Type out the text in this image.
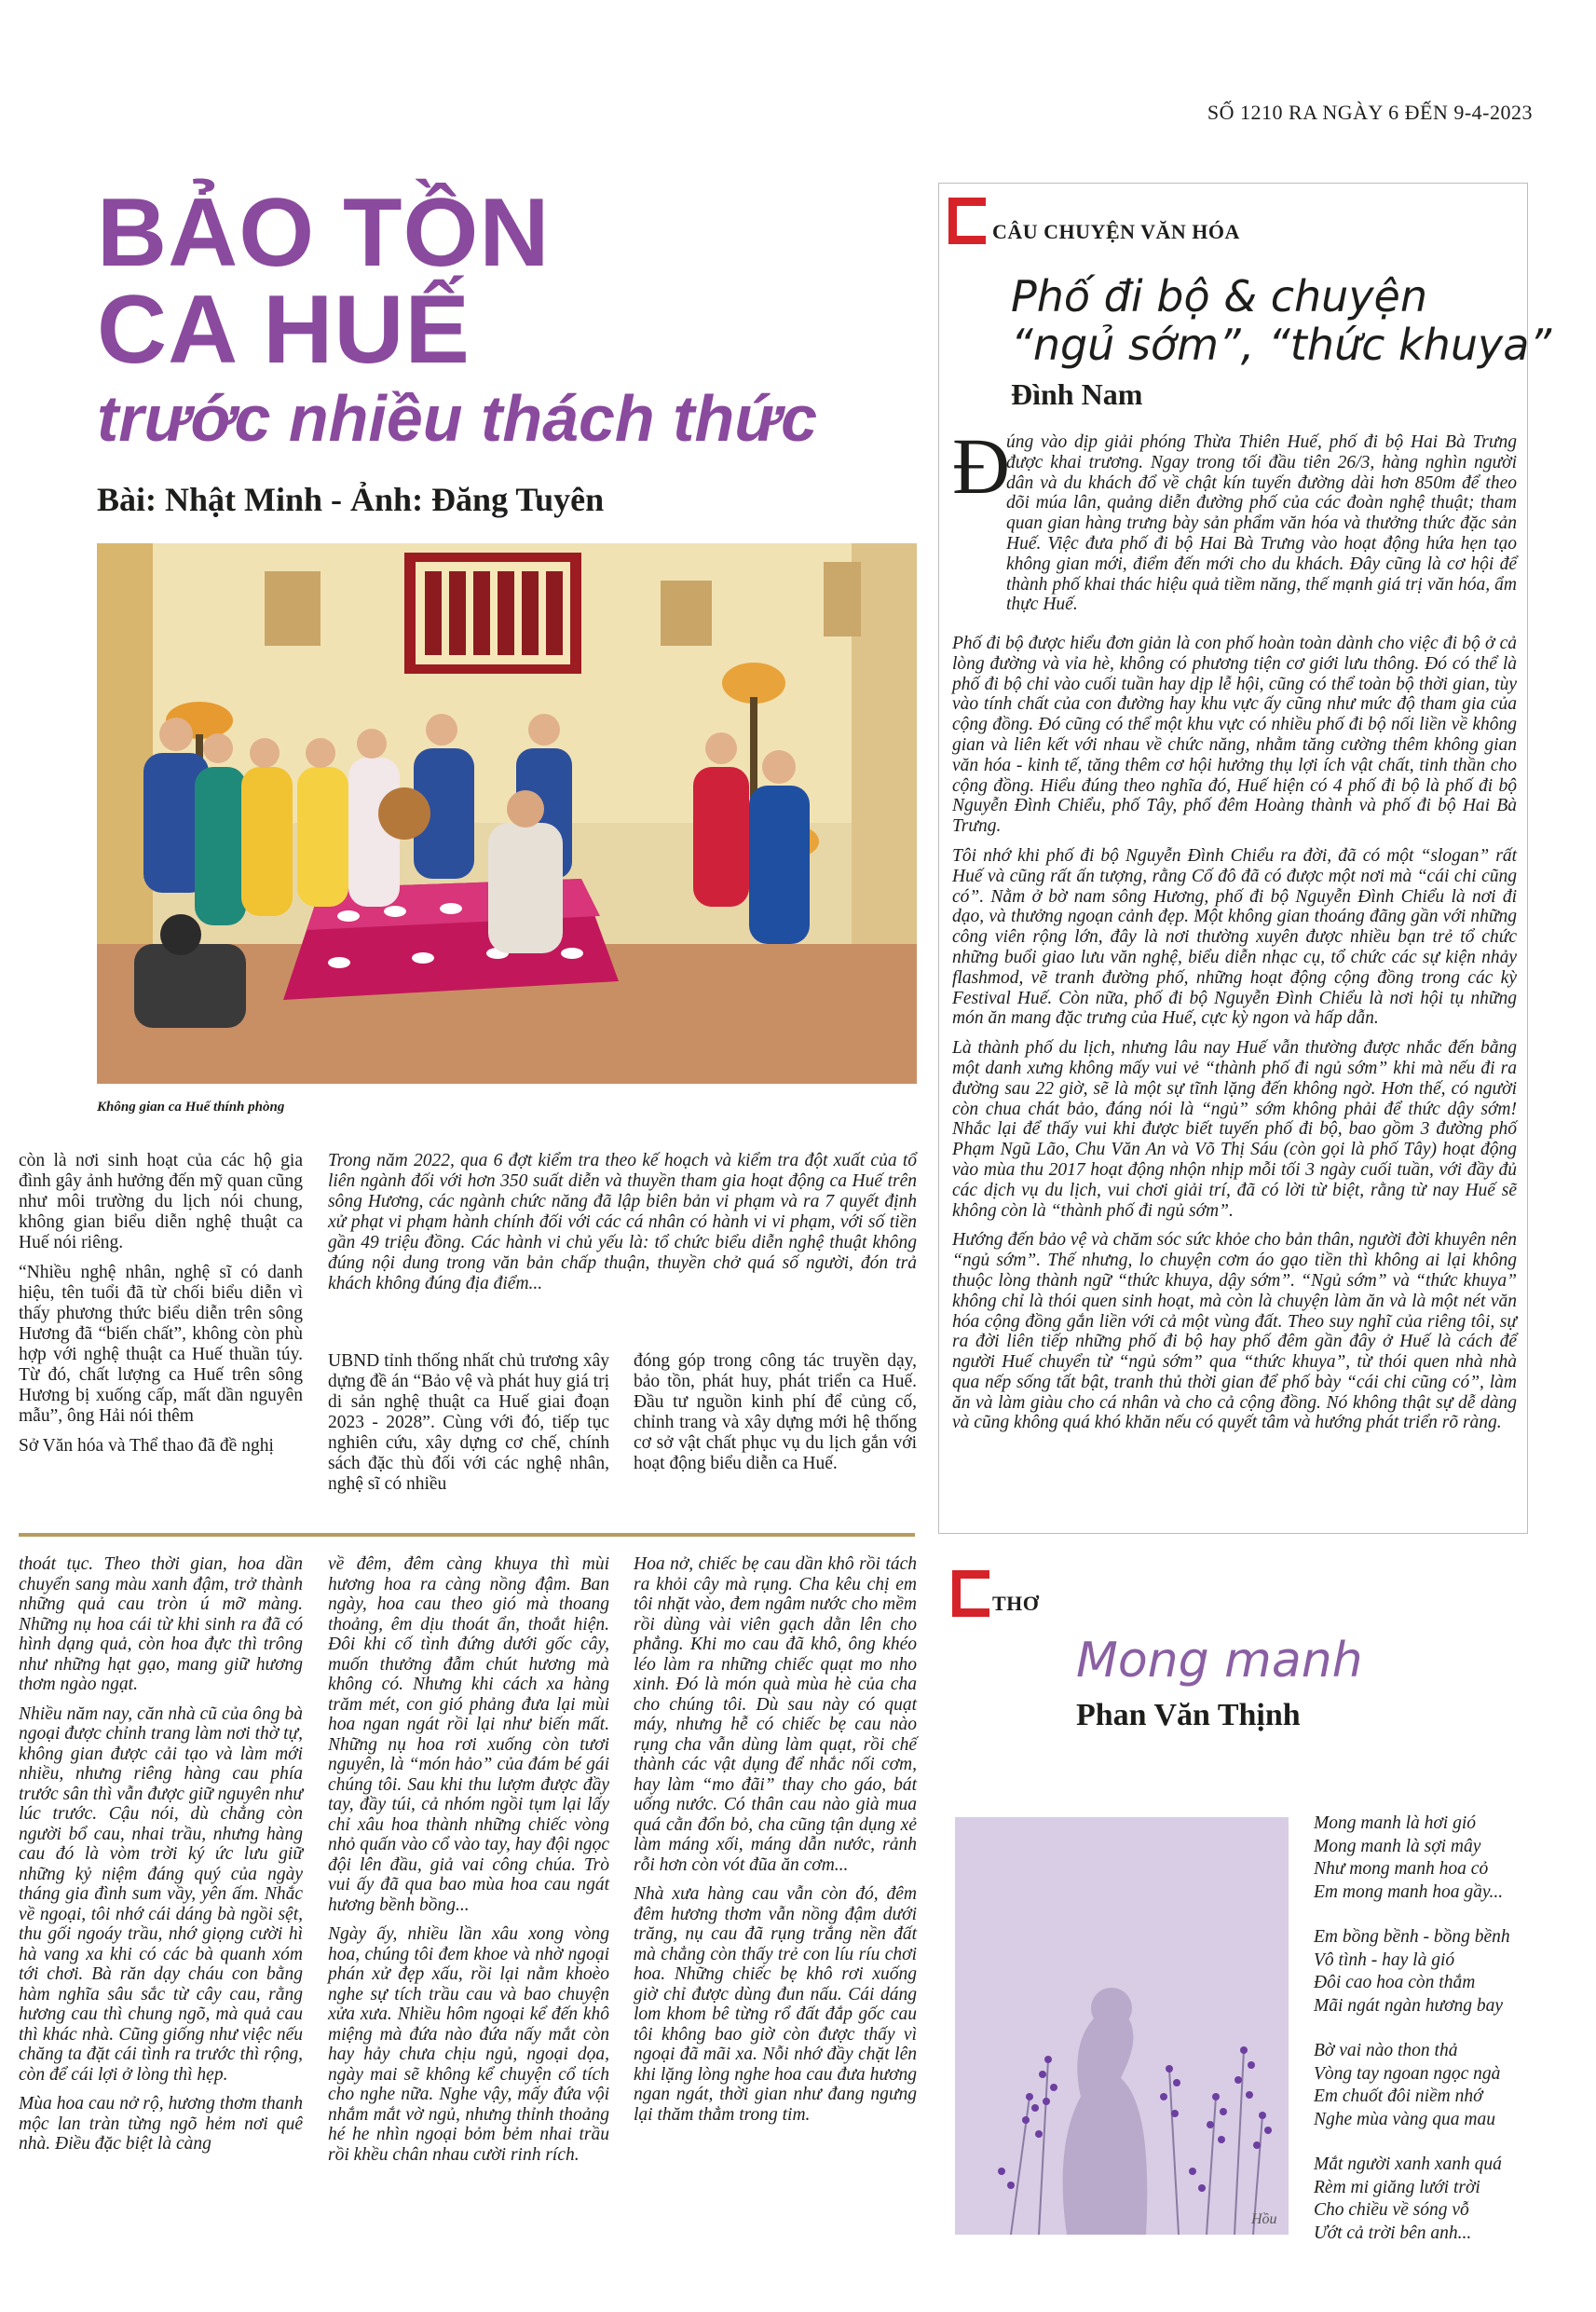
SỐ 1210 RA NGÀY 6 ĐẾN 9-4-2023
BẢO TỒN
CA HUẾ
trước nhiều thách thức
Bài: Nhật Minh - Ảnh: Đăng Tuyên
Không gian ca Huế thính phòng

còn là nơi sinh hoạt của các hộ gia đình gây ảnh hưởng đến mỹ quan cũng như môi trường du lịch nói chung, không gian biểu diễn nghệ thuật ca Huế nói riêng.

“Nhiều nghệ nhân, nghệ sĩ có danh hiệu, tên tuổi đã từ chối biểu diễn vì thấy phương thức biểu diễn trên sông Hương đã “biến chất”, không còn phù hợp với nghệ thuật ca Huế thuần túy. Từ đó, chất lượng ca Huế trên sông Hương bị xuống cấp, mất dần nguyên mẫu”, ông Hải nói thêm

Sở Văn hóa và Thể thao đã đề nghị

Trong năm 2022, qua 6 đợt kiểm tra theo kế hoạch và kiểm tra đột xuất của tổ liên ngành đối với hơn 350 suất diễn và thuyền tham gia hoạt động ca Huế trên sông Hương, các ngành chức năng đã lập biên bản vi phạm và ra 7 quyết định xử phạt vi phạm hành chính đối với các cá nhân có hành vi vi phạm, với số tiền gần 49 triệu đồng. Các hành vi chủ yếu là: tổ chức biểu diễn nghệ thuật không đúng nội dung trong văn bản chấp thuận, thuyền chở quá số người, đón trả khách không đúng địa điểm...
UBND tỉnh thống nhất chủ trương xây dựng đề án “Bảo vệ và phát huy giá trị di sản nghệ thuật ca Huế giai đoạn 2023 - 2028”. Cùng với đó, tiếp tục nghiên cứu, xây dựng cơ chế, chính sách đặc thù đối với các nghệ nhân, nghệ sĩ có nhiều
đóng góp trong công tác truyền dạy, bảo tồn, phát huy, phát triển ca Huế. Đầu tư nguồn kinh phí để củng cố, chỉnh trang và xây dựng mới hệ thống cơ sở vật chất phục vụ du lịch gắn với hoạt động biểu diễn ca Huế.

thoát tục. Theo thời gian, hoa dần chuyển sang màu xanh đậm, trở thành những quả cau tròn ú mỡ màng. Những nụ hoa cái từ khi sinh ra đã có hình dạng quả, còn hoa đực thì trông như những hạt gạo, mang giữ hương thơm ngào ngạt.

Nhiều năm nay, căn nhà cũ của ông bà ngoại được chỉnh trang làm nơi thờ tự, không gian được cải tạo và làm mới nhiều, nhưng riêng hàng cau phía trước sân thì vẫn được giữ nguyên như lúc trước. Cậu nói, dù chẳng còn người bổ cau, nhai trầu, nhưng hàng cau đó là vòm trời ký ức lưu giữ những kỷ niệm đáng quý của ngày tháng gia đình sum vầy, yên ấm. Nhắc về ngoại, tôi nhớ cái dáng bà ngồi sệt, thu gối ngoáy trầu, nhớ giọng cười hì hà vang xa khi có các bà quanh xóm tới chơi. Bà răn dạy cháu con bằng hàm nghĩa sâu sắc từ cây cau, rằng hương cau thì chung ngõ, mà quả cau thì khác nhà. Cũng giống như việc nếu chăng ta đặt cái tình ra trước thì rộng, còn để cái lợi ở lòng thì hẹp.

Mùa hoa cau nở rộ, hương thơm thanh mộc lan tràn từng ngõ hẻm nơi quê nhà. Điều đặc biệt là càng

về đêm, đêm càng khuya thì mùi hương hoa ra càng nồng đậm. Ban ngày, hoa cau theo gió mà thoang thoảng, êm dịu thoát ẩn, thoắt hiện. Đôi khi cố tình đứng dưới gốc cây, muốn thưởng đẫm chút hương mà không có. Nhưng khi cách xa hàng trăm mét, con gió phảng đưa lại mùi hoa ngan ngát rồi lại như biến mất. Những nụ hoa rơi xuống còn tươi nguyên, là “món hảo” của đám bé gái chúng tôi. Sau khi thu lượm được đầy tay, đầy túi, cả nhóm ngồi tụm lại lấy chỉ xâu hoa thành những chiếc vòng nhỏ quấn vào cổ vào tay, hay đội ngọc đội lên đầu, giả vai công chúa. Trò vui ấy đã qua bao mùa hoa cau ngát hương bềnh bồng...

Ngày ấy, nhiều lần xâu xong vòng hoa, chúng tôi đem khoe và nhờ ngoại phán xử đẹp xấu, rồi lại nằm khoèo nghe sự tích trầu cau và bao chuyện xửa xưa. Nhiều hôm ngoại kể đến khô miệng mà đứa nào đứa nấy mắt còn hay hảy chưa chịu ngủ, ngoại dọa, ngày mai sẽ không kể chuyện cổ tích cho nghe nữa. Nghe vậy, mấy đứa vội nhắm mắt vờ ngủ, nhưng thỉnh thoảng hé he nhìn ngoại bỏm bẻm nhai trầu rồi khều chân nhau cười rinh rích.

Hoa nở, chiếc bẹ cau dần khô rồi tách ra khỏi cây mà rụng. Cha kêu chị em tôi nhặt vào, đem ngâm nước cho mềm rồi dùng vài viên gạch dằn lên cho phẳng. Khi mo cau đã khô, ông khéo léo làm ra những chiếc quạt mo nho xinh. Đó là món quà mùa hè của cha cho chúng tôi. Dù sau này có quạt máy, nhưng hễ có chiếc bẹ cau nào rụng cha vẫn dùng làm quạt, rồi chế thành các vật dụng để nhắc nối cơm, hay làm “mo đãi” thay cho gáo, bát uống nước. Có thân cau nào già mua quá cằn đổn bỏ, cha cũng tận dụng xẻ làm máng xối, máng dẫn nước, rảnh rỗi hơn còn vót đũa ăn cơm...

Nhà xưa hàng cau vẫn còn đó, đêm đêm hương thơm vẫn nồng đậm dưới trăng, nụ cau đã rụng trắng nền đất mà chẳng còn thấy trẻ con líu ríu chơi hoa. Những chiếc bẹ khô rơi xuống giờ chỉ được dùng đun nấu. Cái dáng lom khom bê từng rổ đất đắp gốc cau tôi không bao giờ còn được thấy vì ngoại đã mãi xa. Nỗi nhớ đầy chặt lên khi lặng lòng nghe hoa cau đưa hương ngan ngát, thời gian như đang ngưng lại thăm thẳm trong tim.

CÂU CHUYỆN VĂN HÓA
Phố đi bộ & chuyện
“ngủ sớm”, “thức khuya”
Đình Nam
Đ
úng vào dịp giải phóng Thừa Thiên Huế, phố đi bộ Hai Bà Trưng được khai trương. Ngay trong tối đầu tiên 26/3, hàng nghìn người dân và du khách đổ về chật kín tuyến đường dài hơn 850m để theo dõi múa lân, quảng diễn đường phố của các đoàn nghệ thuật; tham quan gian hàng trưng bày sản phẩm văn hóa và thưởng thức đặc sản Huế. Việc đưa phố đi bộ Hai Bà Trưng vào hoạt động hứa hẹn tạo không gian mới, điểm đến mới cho du khách. Đây cũng là cơ hội để thành phố khai thác hiệu quả tiềm năng, thế mạnh giá trị văn hóa, ẩm thực Huế.

Phố đi bộ được hiểu đơn giản là con phố hoàn toàn dành cho việc đi bộ ở cả lòng đường và vỉa hè, không có phương tiện cơ giới lưu thông. Đó có thể là phố đi bộ chỉ vào cuối tuần hay dịp lễ hội, cũng có thể toàn bộ thời gian, tùy vào tính chất của con đường hay khu vực ấy cũng như mức độ tham gia của cộng đồng. Đó cũng có thể một khu vực có nhiều phố đi bộ nối liền về không gian và liên kết với nhau về chức năng, nhằm tăng cường thêm không gian văn hóa - kinh tế, tăng thêm cơ hội hưởng thụ lợi ích vật chất, tinh thần cho cộng đồng. Hiểu đúng theo nghĩa đó, Huế hiện có 4 phố đi bộ là phố đi bộ Nguyễn Đình Chiểu, phố Tây, phố đêm Hoàng thành và phố đi bộ Hai Bà Trưng.

Tôi nhớ khi phố đi bộ Nguyễn Đình Chiểu ra đời, đã có một “slogan” rất Huế và cũng rất ấn tượng, rằng Cố đô đã có được một nơi mà “cái chi cũng có”. Nằm ở bờ nam sông Hương, phố đi bộ Nguyễn Đình Chiểu là nơi đi dạo, và thưởng ngoạn cảnh đẹp. Một không gian thoáng đãng gần với những công viên rộng lớn, đây là nơi thường xuyên được nhiều bạn trẻ tổ chức những buổi giao lưu văn nghệ, biểu diễn nhạc cụ, tổ chức các sự kiện nhảy flashmod, vẽ tranh đường phố, những hoạt động cộng đồng trong các kỳ Festival Huế. Còn nữa, phố đi bộ Nguyễn Đình Chiểu là nơi hội tụ những món ăn mang đặc trưng của Huế, cực kỳ ngon và hấp dẫn.

Là thành phố du lịch, nhưng lâu nay Huế vẫn thường được nhắc đến bằng một danh xưng không mấy vui vẻ “thành phố đi ngủ sớm” khi mà nếu đi ra đường sau 22 giờ, sẽ là một sự tĩnh lặng đến không ngờ. Hơn thế, có người còn chua chát bảo, đáng nói là “ngủ” sớm không phải để thức dậy sớm! Nhắc lại để thấy vui khi được biết tuyến phố đi bộ, bao gồm 3 đường phố Phạm Ngũ Lão, Chu Văn An và Võ Thị Sáu (còn gọi là phố Tây) hoạt động vào mùa thu 2017 hoạt động nhộn nhịp mỗi tối 3 ngày cuối tuần, với đầy đủ các dịch vụ du lịch, vui chơi giải trí, đã có lời từ biệt, rằng từ nay Huế sẽ không còn là “thành phố đi ngủ sớm”.

Hướng đến bảo vệ và chăm sóc sức khỏe cho bản thân, người đời khuyên nên “ngủ sớm”. Thế nhưng, lo chuyện cơm áo gạo tiền thì không ai lại không thuộc lòng thành ngữ “thức khuya, dậy sớm”. “Ngủ sớm” và “thức khuya” không chỉ là thói quen sinh hoạt, mà còn là chuyện làm ăn và là một nét văn hóa cộng đồng gắn liền với cả một vùng đất. Theo suy nghĩ của riêng tôi, sự ra đời liên tiếp những phố đi bộ hay phố đêm gần đây ở Huế là cách để người Huế chuyển từ “ngủ sớm” qua “thức khuya”, từ thói quen nhà nhà qua nếp sống tất bật, tranh thủ thời gian để phố bày “cái chi cũng có”, làm ăn và làm giàu cho cá nhân và cho cả cộng đồng. Nó không thật sự dễ dàng và cũng không quá khó khăn nếu có quyết tâm và hướng phát triển rõ ràng.

THƠ
Mong manh
Phan Văn Thịnh
Hồu
Mong manh là hơi gió
Mong manh là sợi mây
Như mong manh hoa cỏ
Em mong manh hoa gầy...
Em bồng bềnh - bồng bềnh
Vô tình - hay là gió
Đôi cao hoa còn thắm
Mãi ngát ngàn hương bay
Bờ vai nào thon thả
Vòng tay ngoan ngọc ngà
Em chuốt đôi niềm nhớ
Nghe mùa vàng qua mau
Mắt người xanh xanh quá
Rèm mi giăng lưới trời
Cho chiều về sóng vỗ
Ướt cả trời bên anh...
